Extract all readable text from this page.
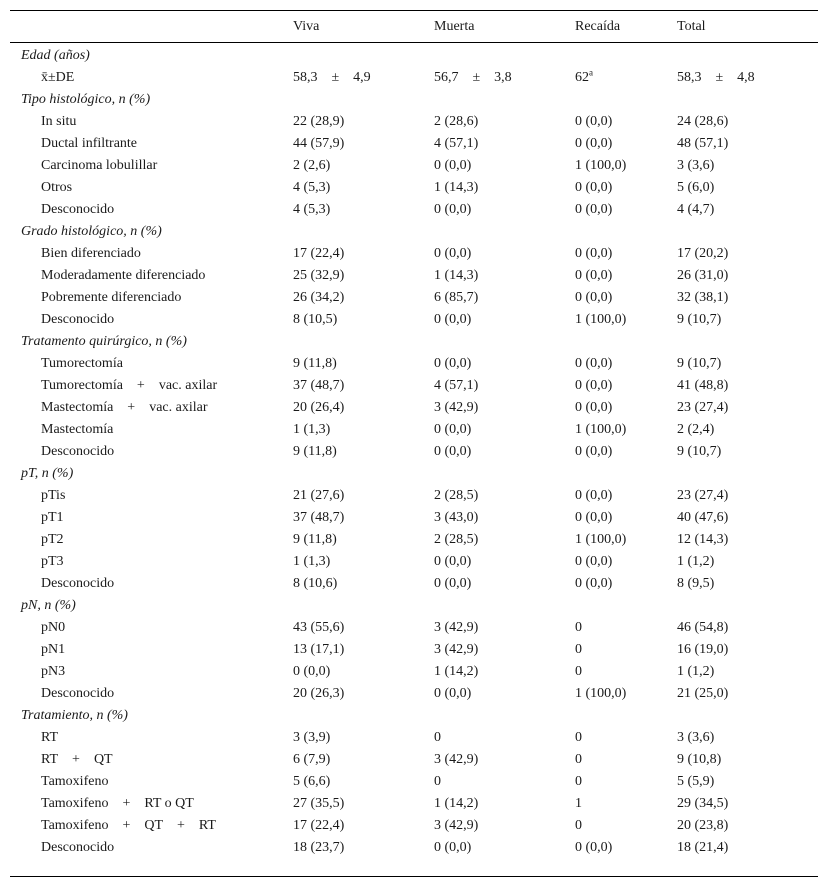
	Viva	Muerta	Recaída	Total
Edad (años)				
x̄±DE	58,3 ± 4,9	56,7 ± 3,8	62$^a$	58,3 ± 4,8
Tipo histológico, n (%)				
In situ	22 (28,9)	2 (28,6)	0 (0,0)	24 (28,6)
Ductal infiltrante	44 (57,9)	4 (57,1)	0 (0,0)	48 (57,1)
Carcinoma lobulillar	2 (2,6)	0 (0,0)	1 (100,0)	3 (3,6)
Otros	4 (5,3)	1 (14,3)	0 (0,0)	5 (6,0)
Desconocido	4 (5,3)	0 (0,0)	0 (0,0)	4 (4,7)
Grado histológico, n (%)				
Bien diferenciado	17 (22,4)	0 (0,0)	0 (0,0)	17 (20,2)
Moderadamente diferenciado	25 (32,9)	1 (14,3)	0 (0,0)	26 (31,0)
Pobremente diferenciado	26 (34,2)	6 (85,7)	0 (0,0)	32 (38,1)
Desconocido	8 (10,5)	0 (0,0)	1 (100,0)	9 (10,7)
Tratamento quirúrgico, n (%)				
Tumorectomía	9 (11,8)	0 (0,0)	0 (0,0)	9 (10,7)
Tumorectomía + vac. axilar	37 (48,7)	4 (57,1)	0 (0,0)	41 (48,8)
Mastectomía + vac. axilar	20 (26,4)	3 (42,9)	0 (0,0)	23 (27,4)
Mastectomía	1 (1,3)	0 (0,0)	1 (100,0)	2 (2,4)
Desconocido	9 (11,8)	0 (0,0)	0 (0,0)	9 (10,7)
pT, n (%)				
pTis	21 (27,6)	2 (28,5)	0 (0,0)	23 (27,4)
pT1	37 (48,7)	3 (43,0)	0 (0,0)	40 (47,6)
pT2	9 (11,8)	2 (28,5)	1 (100,0)	12 (14,3)
pT3	1 (1,3)	0 (0,0)	0 (0,0)	1 (1,2)
Desconocido	8 (10,6)	0 (0,0)	0 (0,0)	8 (9,5)
pN, n (%)				
pN0	43 (55,6)	3 (42,9)	0	46 (54,8)
pN1	13 (17,1)	3 (42,9)	0	16 (19,0)
pN3	0 (0,0)	1 (14,2)	0	1 (1,2)
Desconocido	20 (26,3)	0 (0,0)	1 (100,0)	21 (25,0)
Tratamiento, n (%)				
RT	3 (3,9)	0	0	3 (3,6)
RT + QT	6 (7,9)	3 (42,9)	0	9 (10,8)
Tamoxifeno	5 (6,6)	0	0	5 (5,9)
Tamoxifeno + RT o QT	27 (35,5)	1 (14,2)	1	29 (34,5)
Tamoxifeno + QT + RT	17 (22,4)	3 (42,9)	0	20 (23,8)
Desconocido	18 (23,7)	0 (0,0)	0 (0,0)	18 (21,4)
